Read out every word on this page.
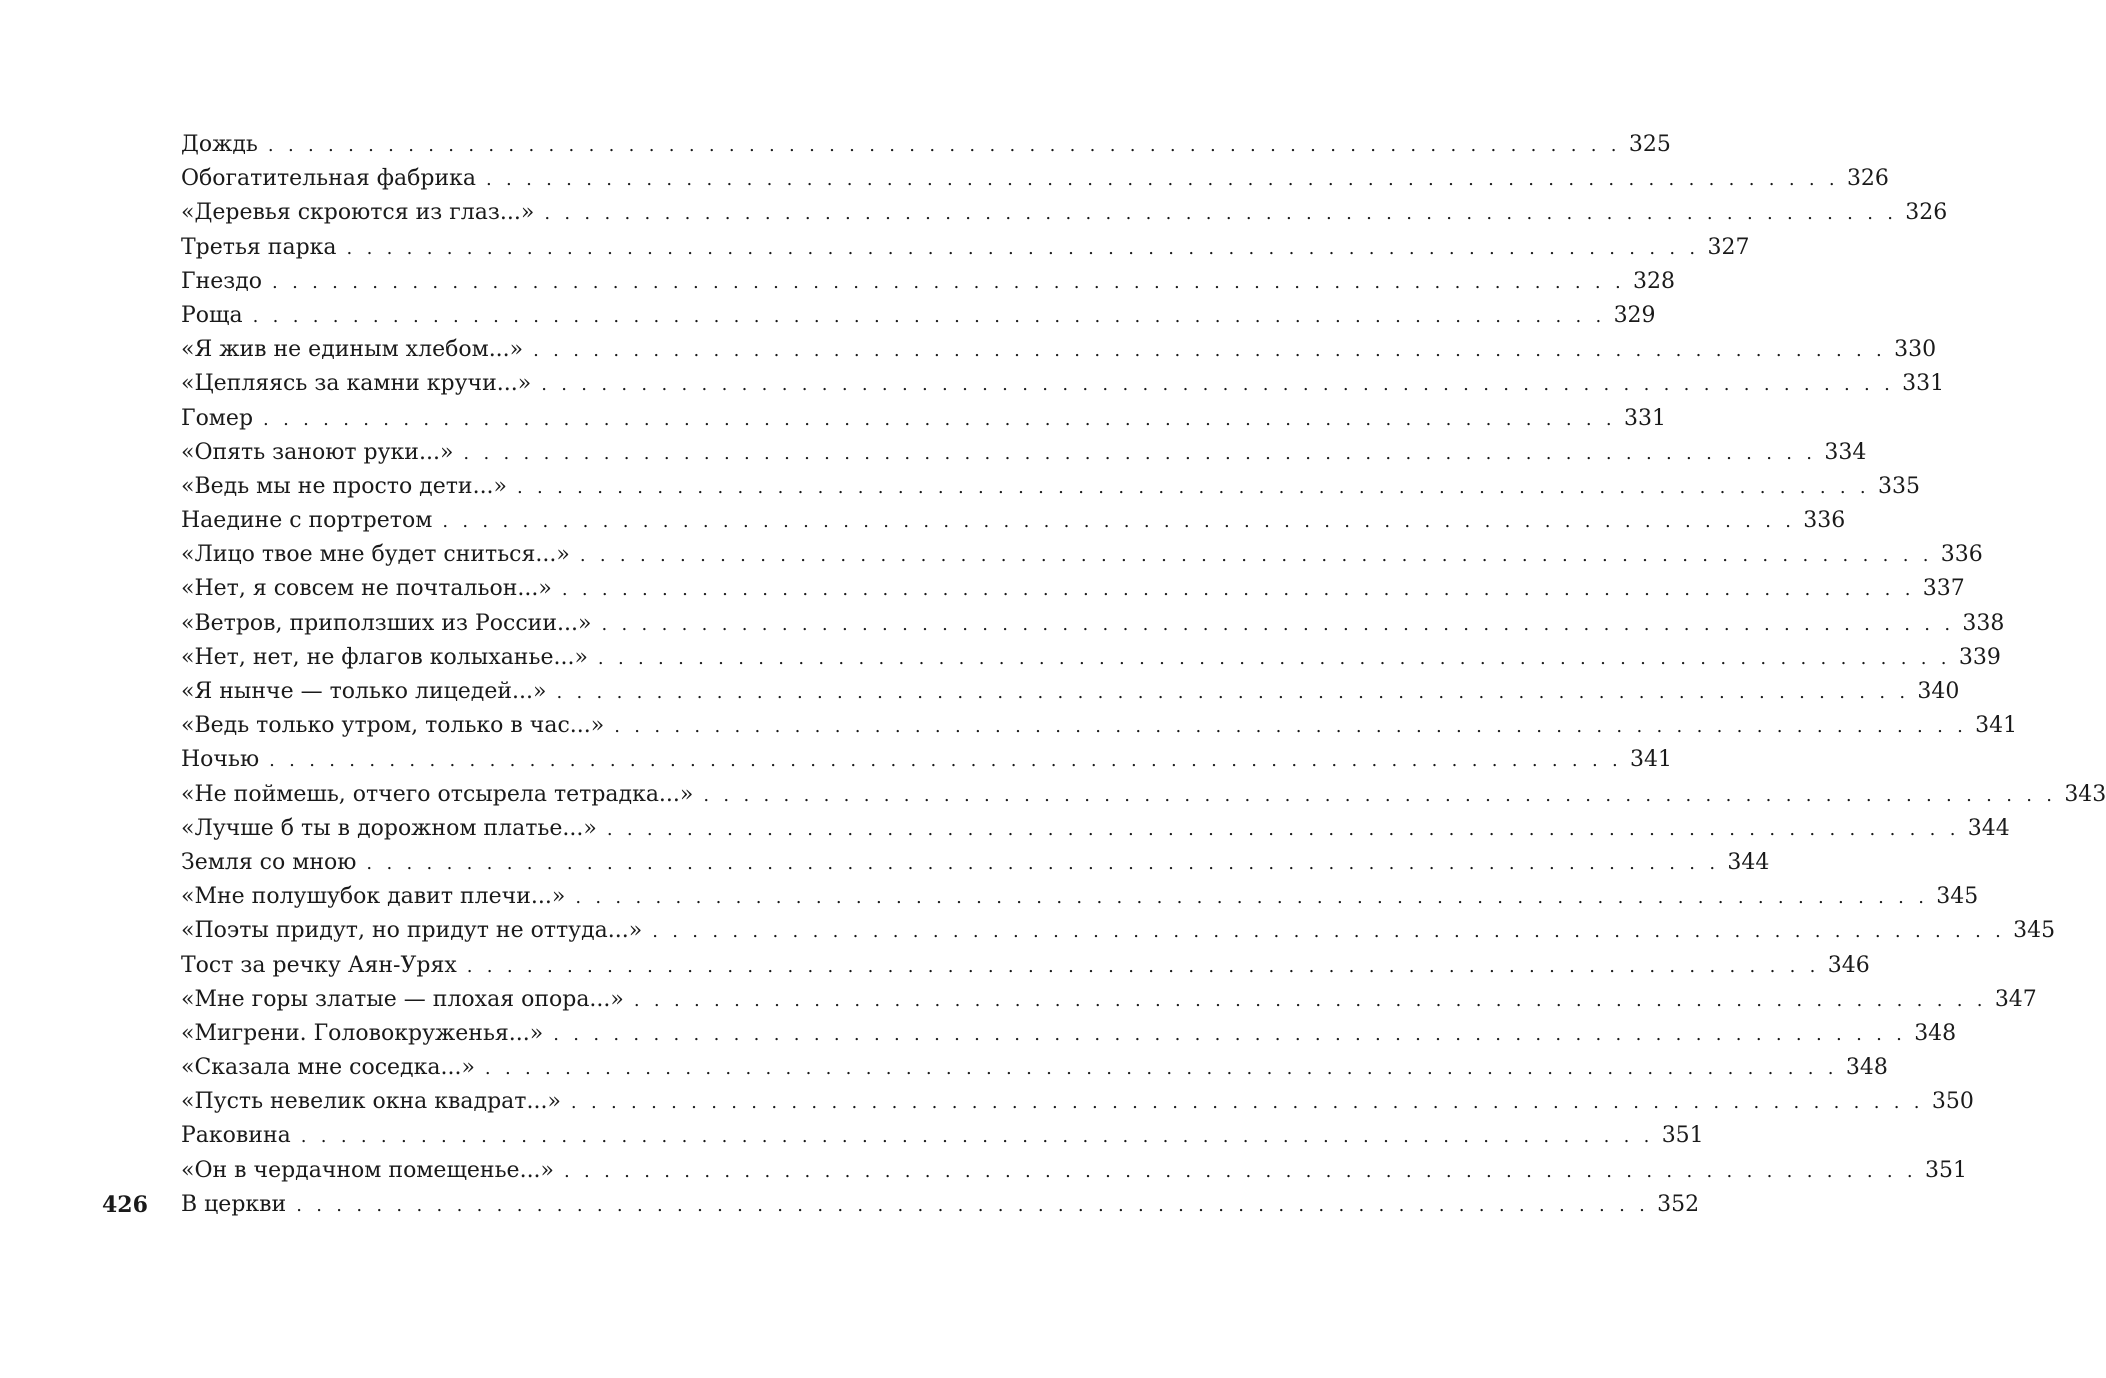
Дождь . . . . . . . . . . . . . . . . . . . . . . . . . . . . . . . . . . . . . . . . . . . . . . . . . . . . . . . . . . . . . . . . . . . . 325
Обогатительная фабрика . . . . . . . . . . . . . . . . . . . . . . . . . . . . . . . . . . . . . . . . . . . . . . . . . . . . . . . . . . . . . . . . . . . . 326
«Деревья скроются из глаз...» . . . . . . . . . . . . . . . . . . . . . . . . . . . . . . . . . . . . . . . . . . . . . . . . . . . . . . . . . . . . . . . . . . . . 326
Третья парка . . . . . . . . . . . . . . . . . . . . . . . . . . . . . . . . . . . . . . . . . . . . . . . . . . . . . . . . . . . . . . . . . . . . 327
Гнездо . . . . . . . . . . . . . . . . . . . . . . . . . . . . . . . . . . . . . . . . . . . . . . . . . . . . . . . . . . . . . . . . . . . . 328
Роща . . . . . . . . . . . . . . . . . . . . . . . . . . . . . . . . . . . . . . . . . . . . . . . . . . . . . . . . . . . . . . . . . . . . 329
«Я жив не единым хлебом...» . . . . . . . . . . . . . . . . . . . . . . . . . . . . . . . . . . . . . . . . . . . . . . . . . . . . . . . . . . . . . . . . . . . . 330
«Цепляясь за камни кручи...» . . . . . . . . . . . . . . . . . . . . . . . . . . . . . . . . . . . . . . . . . . . . . . . . . . . . . . . . . . . . . . . . . . . . 331
Гомер . . . . . . . . . . . . . . . . . . . . . . . . . . . . . . . . . . . . . . . . . . . . . . . . . . . . . . . . . . . . . . . . . . . . 331
«Опять заноют руки...» . . . . . . . . . . . . . . . . . . . . . . . . . . . . . . . . . . . . . . . . . . . . . . . . . . . . . . . . . . . . . . . . . . . . 334
«Ведь мы не просто дети...» . . . . . . . . . . . . . . . . . . . . . . . . . . . . . . . . . . . . . . . . . . . . . . . . . . . . . . . . . . . . . . . . . . . . 335
Наедине с портретом . . . . . . . . . . . . . . . . . . . . . . . . . . . . . . . . . . . . . . . . . . . . . . . . . . . . . . . . . . . . . . . . . . . . 336
«Лицо твое мне будет сниться...» . . . . . . . . . . . . . . . . . . . . . . . . . . . . . . . . . . . . . . . . . . . . . . . . . . . . . . . . . . . . . . . . . . . . 336
«Нет, я совсем не почтальон...» . . . . . . . . . . . . . . . . . . . . . . . . . . . . . . . . . . . . . . . . . . . . . . . . . . . . . . . . . . . . . . . . . . . . 337
«Ветров, приползших из России...» . . . . . . . . . . . . . . . . . . . . . . . . . . . . . . . . . . . . . . . . . . . . . . . . . . . . . . . . . . . . . . . . . . . . 338
«Нет, нет, не флагов колыханье...» . . . . . . . . . . . . . . . . . . . . . . . . . . . . . . . . . . . . . . . . . . . . . . . . . . . . . . . . . . . . . . . . . . . . 339
«Я нынче — только лицедей...» . . . . . . . . . . . . . . . . . . . . . . . . . . . . . . . . . . . . . . . . . . . . . . . . . . . . . . . . . . . . . . . . . . . . 340
«Ведь только утром, только в час...» . . . . . . . . . . . . . . . . . . . . . . . . . . . . . . . . . . . . . . . . . . . . . . . . . . . . . . . . . . . . . . . . . . . . 341
Ночью . . . . . . . . . . . . . . . . . . . . . . . . . . . . . . . . . . . . . . . . . . . . . . . . . . . . . . . . . . . . . . . . . . . . 341
«Не поймешь, отчего отсырела тетрадка...» . . . . . . . . . . . . . . . . . . . . . . . . . . . . . . . . . . . . . . . . . . . . . . . . . . . . . . . . . . . . . . . . . . . . 343
«Лучше б ты в дорожном платье...» . . . . . . . . . . . . . . . . . . . . . . . . . . . . . . . . . . . . . . . . . . . . . . . . . . . . . . . . . . . . . . . . . . . . 344
Земля со мною . . . . . . . . . . . . . . . . . . . . . . . . . . . . . . . . . . . . . . . . . . . . . . . . . . . . . . . . . . . . . . . . . . . . 344
«Мне полушубок давит плечи...» . . . . . . . . . . . . . . . . . . . . . . . . . . . . . . . . . . . . . . . . . . . . . . . . . . . . . . . . . . . . . . . . . . . . 345
«Поэты придут, но придут не оттуда...» . . . . . . . . . . . . . . . . . . . . . . . . . . . . . . . . . . . . . . . . . . . . . . . . . . . . . . . . . . . . . . . . . . . . 345
Тост за речку Аян-Урях . . . . . . . . . . . . . . . . . . . . . . . . . . . . . . . . . . . . . . . . . . . . . . . . . . . . . . . . . . . . . . . . . . . . 346
«Мне горы златые — плохая опора...» . . . . . . . . . . . . . . . . . . . . . . . . . . . . . . . . . . . . . . . . . . . . . . . . . . . . . . . . . . . . . . . . . . . . 347
«Мигрени. Головокруженья...» . . . . . . . . . . . . . . . . . . . . . . . . . . . . . . . . . . . . . . . . . . . . . . . . . . . . . . . . . . . . . . . . . . . . 348
«Сказала мне соседка...» . . . . . . . . . . . . . . . . . . . . . . . . . . . . . . . . . . . . . . . . . . . . . . . . . . . . . . . . . . . . . . . . . . . . 348
«Пусть невелик окна квадрат...» . . . . . . . . . . . . . . . . . . . . . . . . . . . . . . . . . . . . . . . . . . . . . . . . . . . . . . . . . . . . . . . . . . . . 350
Раковина . . . . . . . . . . . . . . . . . . . . . . . . . . . . . . . . . . . . . . . . . . . . . . . . . . . . . . . . . . . . . . . . . . . . 351
«Он в чердачном помещенье...» . . . . . . . . . . . . . . . . . . . . . . . . . . . . . . . . . . . . . . . . . . . . . . . . . . . . . . . . . . . . . . . . . . . . 351
В церкви . . . . . . . . . . . . . . . . . . . . . . . . . . . . . . . . . . . . . . . . . . . . . . . . . . . . . . . . . . . . . . . . . . . . 352
426
